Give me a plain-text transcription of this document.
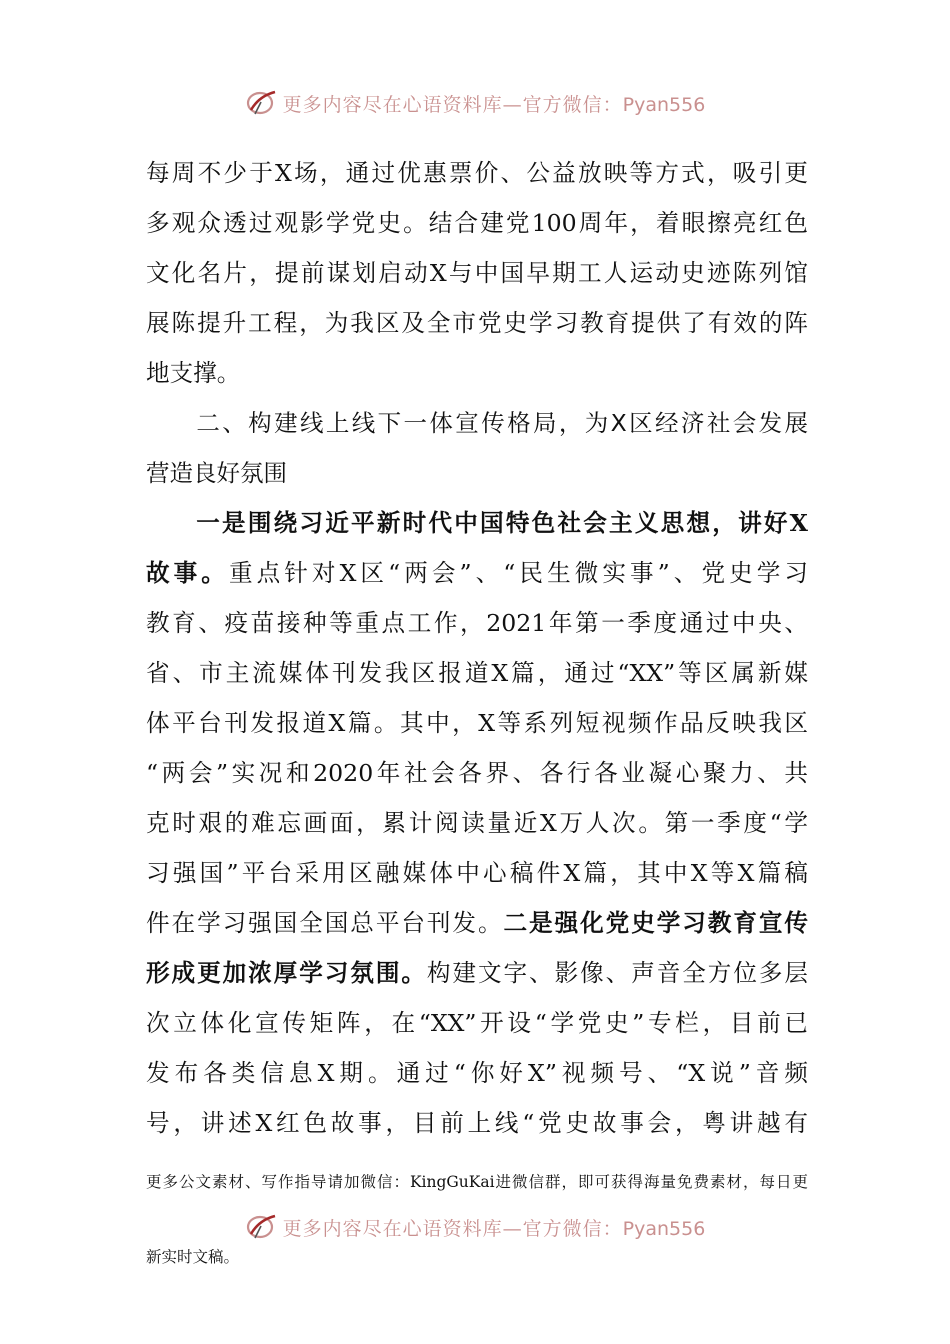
更多内容尽在心语资料库—官方微信：Pyan556
每周不少于X场，通过优惠票价、公益放映等方式，吸引更
多观众透过观影学党史。结合建党100周年，着眼擦亮红色
文化名片，提前谋划启动X与中国早期工人运动史迹陈列馆
展陈提升工程，为我区及全市党史学习教育提供了有效的阵
地支撑。
二、构建线上线下一体宣传格局，为X区经济社会发展
营造良好氛围
一是围绕习近平新时代中国特色社会主义思想，讲好X
故事。重点针对X区“两会”、“民生微实事”、党史学习
教育、疫苗接种等重点工作，2021年第一季度通过中央、
省、市主流媒体刊发我区报道X篇，通过“XX”等区属新媒
体平台刊发报道X篇。其中，X等系列短视频作品反映我区
“两会”实况和2020年社会各界、各行各业凝心聚力、共
克时艰的难忘画面，累计阅读量近X万人次。第一季度“学
习强国”平台采用区融媒体中心稿件X篇，其中X等X篇稿
件在学习强国全国总平台刊发。二是强化党史学习教育宣传
形成更加浓厚学习氛围。构建文字、影像、声音全方位多层
次立体化宣传矩阵，在“XX”开设“学党史”专栏，目前已
发布各类信息X期。通过“你好X”视频号、“X说”音频
号，讲述X红色故事，目前上线“党史故事会，粤讲越有
更多公文素材、写作指导请加微信：KingGuKai进微信群，即可获得海量免费素材，每日更
更多内容尽在心语资料库—官方微信：Pyan556
新实时文稿。
